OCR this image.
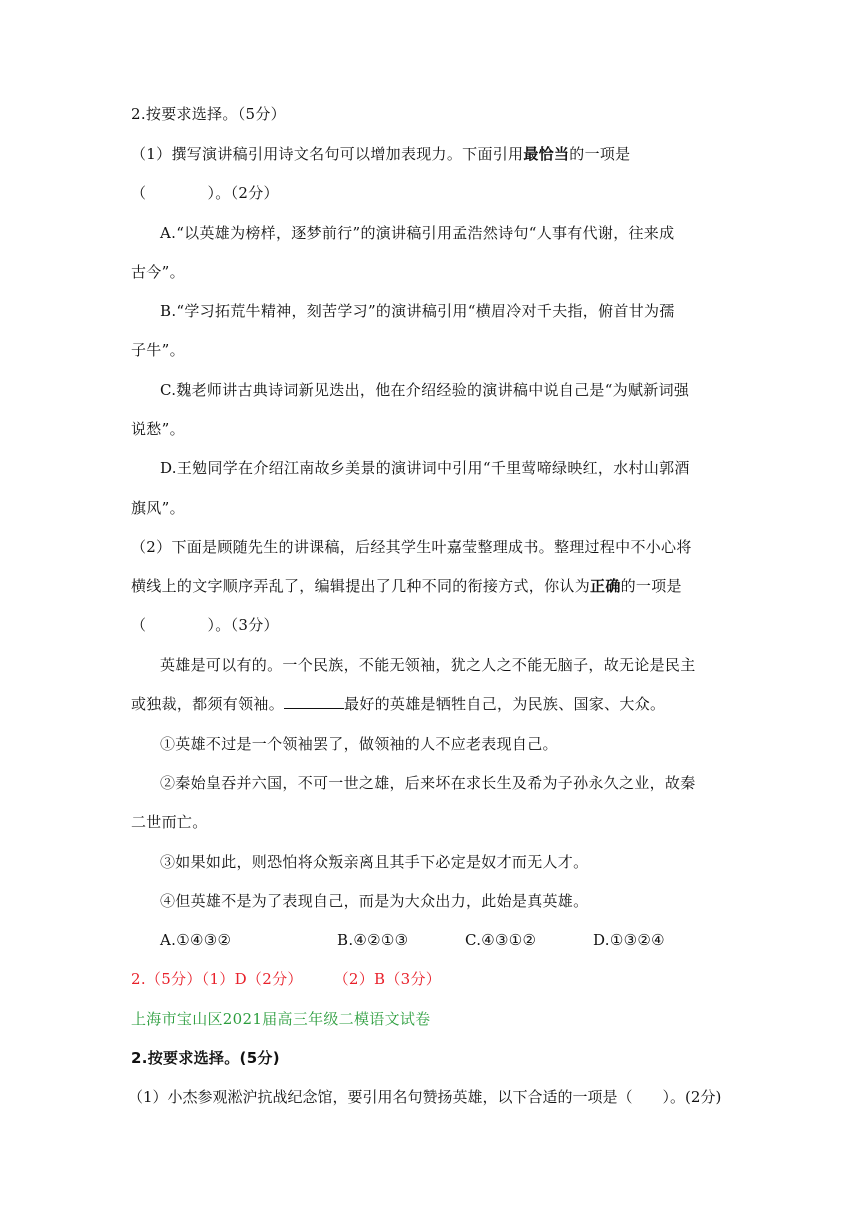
2.按要求选择。（5分）
（1）撰写演讲稿引用诗文名句可以增加表现力。下面引用最恰当的一项是
（　　　　）。（2分）
A.“以英雄为榜样，逐梦前行”的演讲稿引用孟浩然诗句“人事有代谢，往来成
古今”。
B.“学习拓荒牛精神，刻苦学习”的演讲稿引用“横眉冷对千夫指，俯首甘为孺
子牛”。
C.魏老师讲古典诗词新见迭出，他在介绍经验的演讲稿中说自己是“为赋新词强
说愁”。
D.王勉同学在介绍江南故乡美景的演讲词中引用“千里莺啼绿映红，水村山郭酒
旗风”。
（2）下面是顾随先生的讲课稿，后经其学生叶嘉莹整理成书。整理过程中不小心将
横线上的文字顺序弄乱了，编辑提出了几种不同的衔接方式，你认为正确的一项是
（　　　　）。（3分）
英雄是可以有的。一个民族，不能无领袖，犹之人之不能无脑子，故无论是民主
或独裁，都须有领袖。	最好的英雄是牺牲自己，为民族、国家、大众。
①英雄不过是一个领袖罢了，做领袖的人不应老表现自己。
②秦始皇吞并六国，不可一世之雄，后来坏在求长生及希为子孙永久之业，故秦
二世而亡。
③如果如此，则恐怕将众叛亲离且其手下必定是奴才而无人才。
④但英雄不是为了表现自己，而是为大众出力，此始是真英雄。
A.①④③②	B.④②①③	C.④③①②	D.①③②④
2.（5分）（1）D（2分）　　　（2）B（3分）
上海市宝山区2021届高三年级二模语文试卷
2.按要求选择。(5分)
（1）小杰参观淞沪抗战纪念馆，要引用名句赞扬英雄，以下合适的一项是（　　）。(2分)
